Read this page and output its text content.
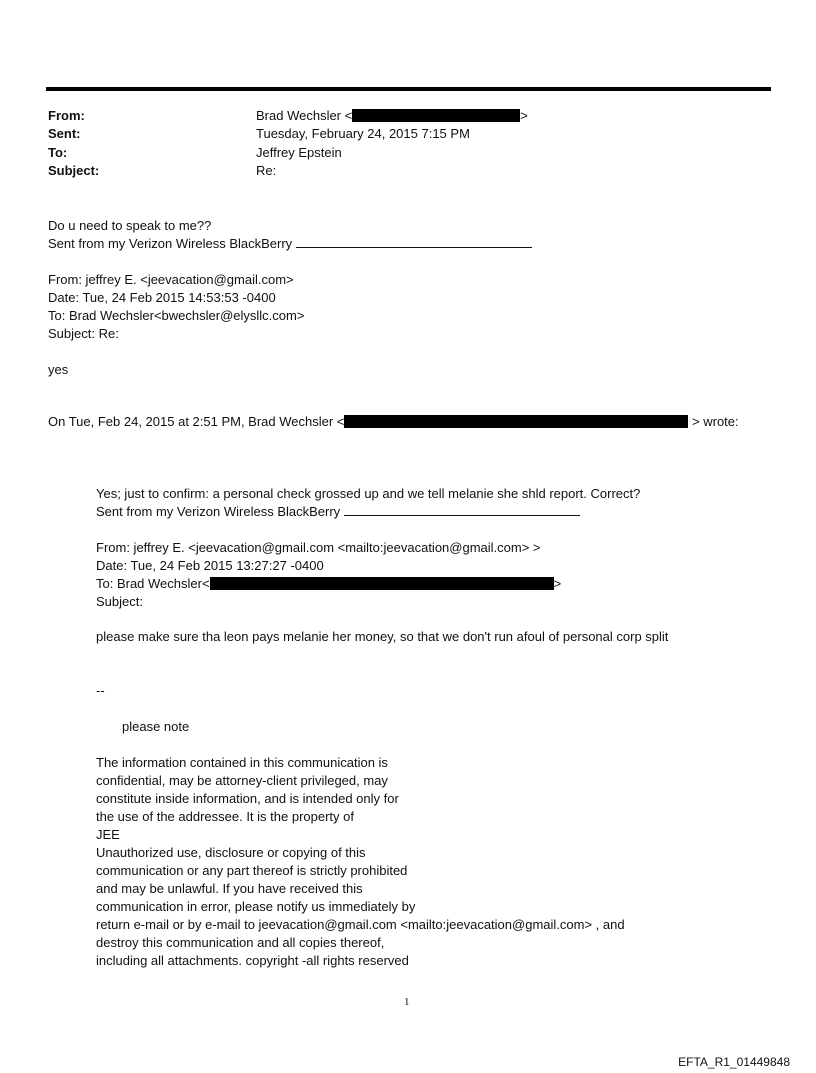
From:	Brad Wechsler <	>
Sent:	Tuesday, February 24, 2015 7:15 PM
To:	Jeffrey Epstein
Subject:	Re:
Do u need to speak to me??
Sent from my Verizon Wireless BlackBerry
From: jeffrey E. <jeevacation@gmail.com>
Date: Tue, 24 Feb 2015 14:53:53 -0400
To: Brad Wechsler<bwechsler@elysllc.com>
Subject: Re:
yes
On Tue, Feb 24, 2015 at 2:51 PM, Brad Wechsler <	> wrote:
Yes; just to confirm: a personal check grossed up and we tell melanie she shld report. Correct?
Sent from my Verizon Wireless BlackBerry
From: jeffrey E. <jeevacation@gmail.com <mailto:jeevacation@gmail.com> >
Date: Tue, 24 Feb 2015 13:27:27 -0400
To: Brad Wechsler<	>
Subject:
please make sure tha leon pays melanie her money, so that we don't run afoul of personal corp split
--
please note
The information contained in this communication is
confidential, may be attorney-client privileged, may
constitute inside information, and is intended only for
the use of the addressee. It is the property of
JEE
Unauthorized use, disclosure or copying of this
communication or any part thereof is strictly prohibited
and may be unlawful. If you have received this
communication in error, please notify us immediately by
return e-mail or by e-mail to jeevacation@gmail.com <mailto:jeevacation@gmail.com> , and
destroy this communication and all copies thereof,
including all attachments. copyright -all rights reserved
1
EFTA_R1_01449848
